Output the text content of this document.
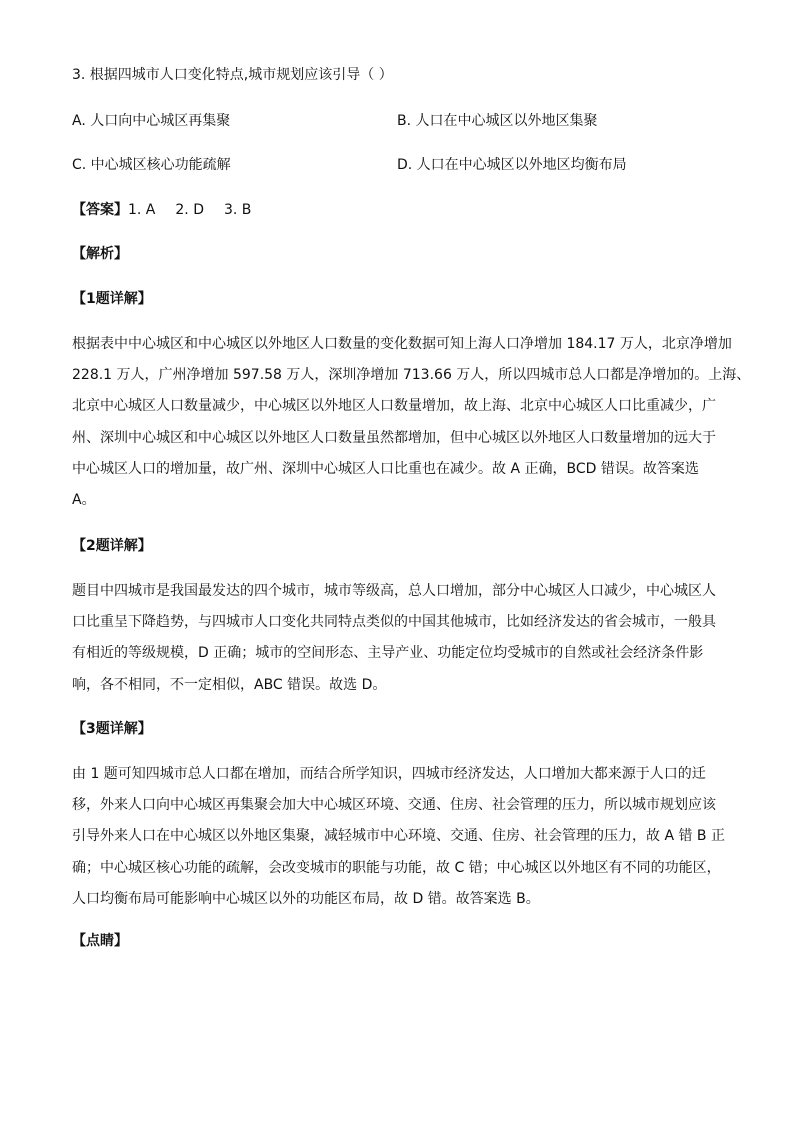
3. 根据四城市人口变化特点,城市规划应该引导（ ）
A. 人口向中心城区再集聚	B. 人口在中心城区以外地区集聚
C. 中心城区核心功能疏解	D. 人口在中心城区以外地区均衡布局
【答案】1. A 2. D 3. B
【解析】
【1题详解】
根据表中中心城区和中心城区以外地区人口数量的变化数据可知上海人口净增加 184.17 万人，北京净增加
228.1 万人，广州净增加 597.58 万人，深圳净增加 713.66 万人，所以四城市总人口都是净增加的。上海、
北京中心城区人口数量减少，中心城区以外地区人口数量增加，故上海、北京中心城区人口比重减少，广
州、深圳中心城区和中心城区以外地区人口数量虽然都增加，但中心城区以外地区人口数量增加的远大于
中心城区人口的增加量，故广州、深圳中心城区人口比重也在减少。故 A 正确，BCD 错误。故答案选
A。
【2题详解】
题目中四城市是我国最发达的四个城市，城市等级高，总人口增加，部分中心城区人口减少，中心城区人
口比重呈下降趋势，与四城市人口变化共同特点类似的中国其他城市，比如经济发达的省会城市，一般具
有相近的等级规模，D 正确；城市的空间形态、主导产业、功能定位均受城市的自然或社会经济条件影
响，各不相同，不一定相似，ABC 错误。故选 D。
【3题详解】
由 1 题可知四城市总人口都在增加，而结合所学知识，四城市经济发达，人口增加大都来源于人口的迁
移，外来人口向中心城区再集聚会加大中心城区环境、交通、住房、社会管理的压力，所以城市规划应该
引导外来人口在中心城区以外地区集聚，减轻城市中心环境、交通、住房、社会管理的压力，故 A 错 B 正
确；中心城区核心功能的疏解，会改变城市的职能与功能，故 C 错；中心城区以外地区有不同的功能区，
人口均衡布局可能影响中心城区以外的功能区布局，故 D 错。故答案选 B。
【点睛】
